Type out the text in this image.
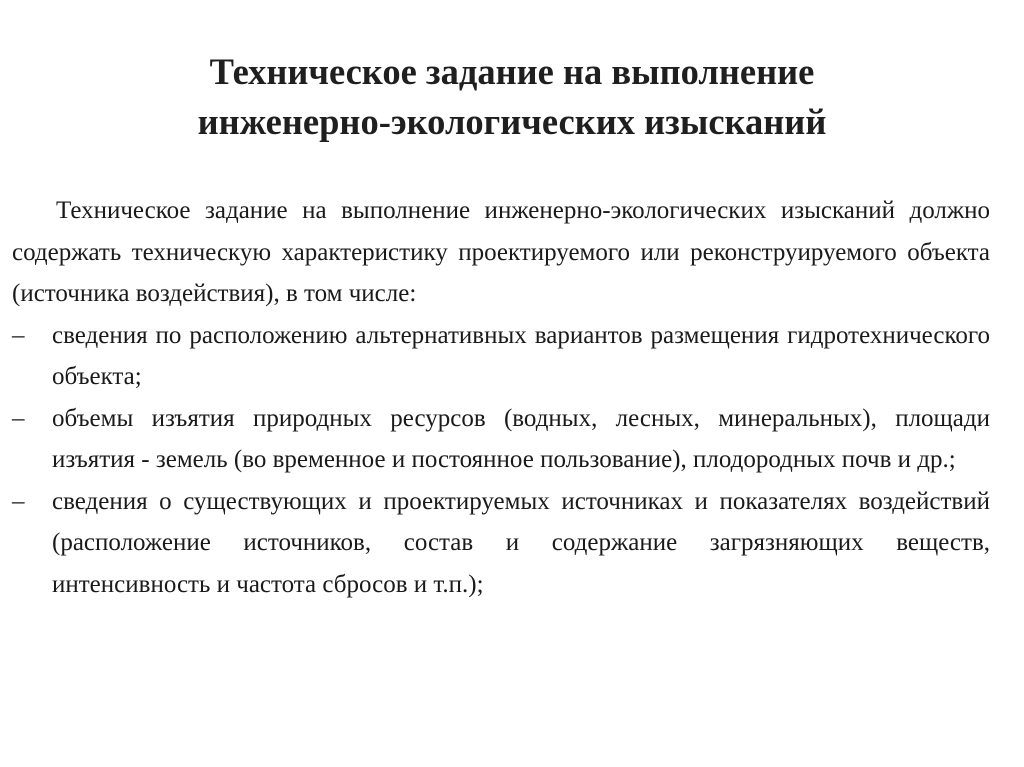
Техническое задание на выполнение
инженерно-экологических изысканий

Техническое задание на выполнение инженерно-экологических изысканий должно содержать техническую характеристику проектируемого или реконструируемого объекта (источника воздействия), в том числе:

–	сведения по расположению альтернативных вариантов размещения гидротехнического объекта;
–	объемы изъятия природных ресурсов (водных, лесных, минеральных), площади изъятия - земель (во временное и постоянное пользование), плодородных почв и др.;
–	сведения о существующих и проектируемых источниках и показателях воздействий (расположение источников, состав и содержание загрязняющих веществ, интенсивность и частота сбросов и т.п.);
